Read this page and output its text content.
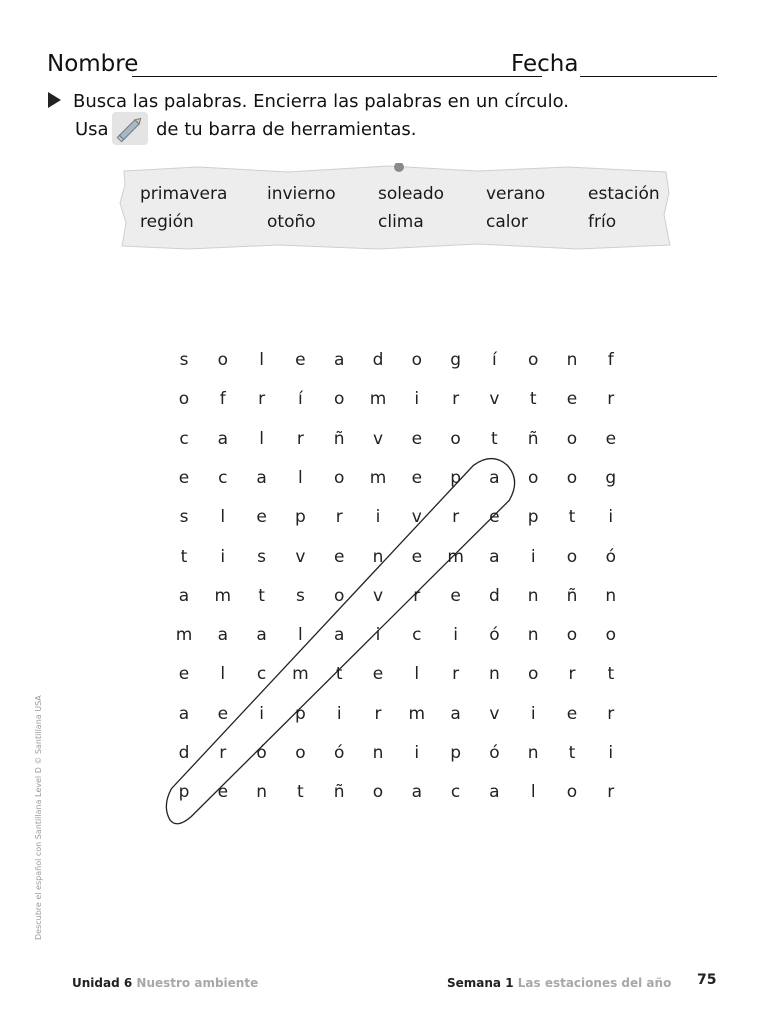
Nombre	Fecha
Busca las palabras. Encierra las palabras en un círculo.
Usa	de tu barra de herramientas.
primavera invierno soleado verano	estación
región	otoño	clima	calor	frío
s	o	l	e	a	d	o	g	í	o	n	f
o	f	r	í	o	m	i	r	v	t	e	r
c	a	l	r	ñ	v	e	o	t	ñ	o	e
e	c	a	l	o	m	e	p	a	o	o	g
s	l	e	p	r	i	v	r	e	p	t	i
t	i	s	v	e	n	e	m	a	i	o	ó
a	m	t	s	o	v	r	e	d	n	ñ	n
m	a	a	l	a	i	c	i	ó	n	o	o
e	l	c	m	t	e	l	r	n	o	r	t
a	e	i	p	i	r	m	a	v	i	e	r
d	r	ó	o	ó	n	i	p	ó	n	t	i
p	e	n	t	ñ	o	a	c	a	l	o	r
Descubre el español con Santillana Level D © Santillana USA
Unidad 6 Nuestro ambiente	Semana 1 Las estaciones del año 75
